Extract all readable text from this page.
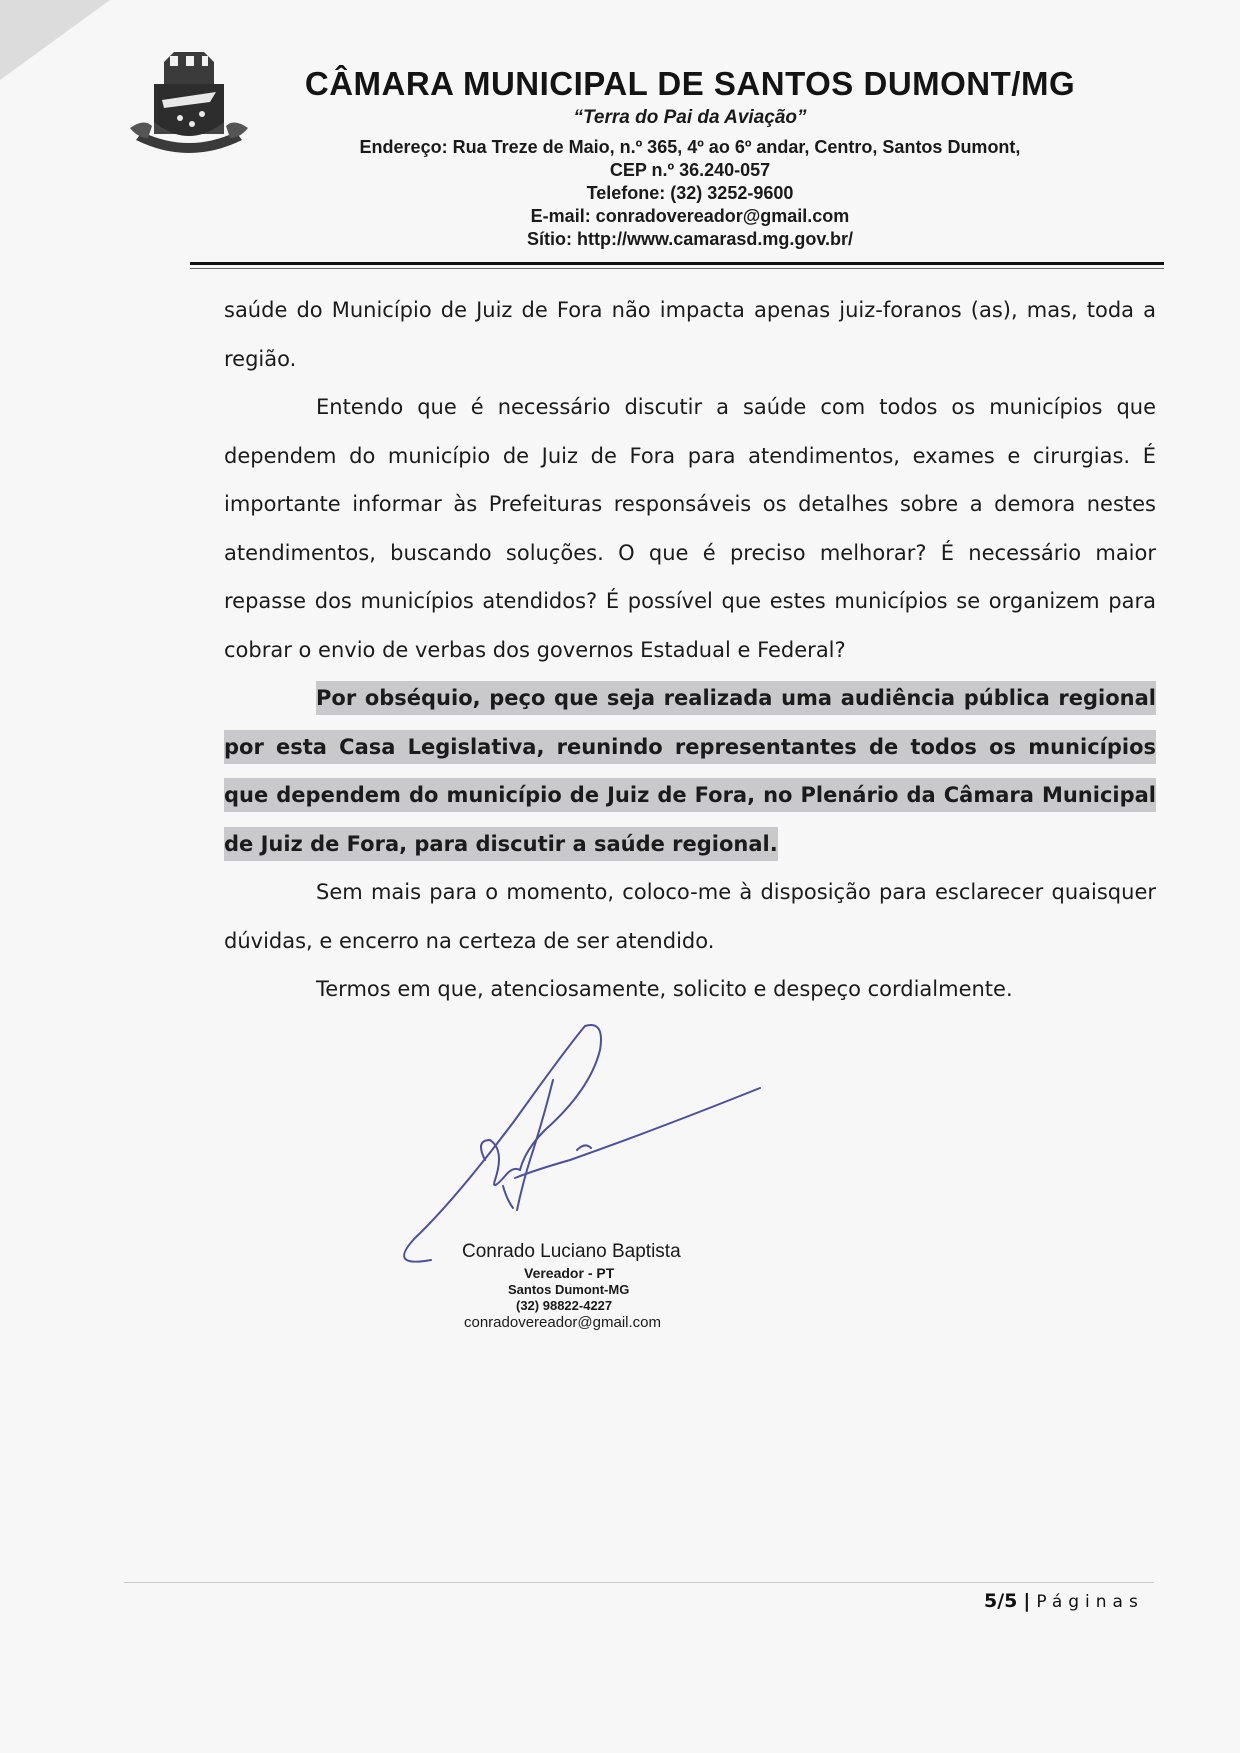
CÂMARA MUNICIPAL DE SANTOS DUMONT/MG
“Terra do Pai da Aviação”
Endereço: Rua Treze de Maio, n.º 365, 4º ao 6º andar, Centro, Santos Dumont,
CEP n.º 36.240-057
Telefone: (32) 3252-9600
E-mail: conradovereador@gmail.com
Sítio: http://www.camarasd.mg.gov.br/

saúde do Município de Juiz de Fora não impacta apenas juiz-foranos (as), mas, toda a região.

Entendo que é necessário discutir a saúde com todos os municípios que dependem do município de Juiz de Fora para atendimentos, exames e cirurgias. É importante informar às Prefeituras responsáveis os detalhes sobre a demora nestes atendimentos, buscando soluções. O que é preciso melhorar? É necessário maior repasse dos municípios atendidos? É possível que estes municípios se organizem para cobrar o envio de verbas dos governos Estadual e Federal?

Por obséquio, peço que seja realizada uma audiência pública regional por esta Casa Legislativa, reunindo representantes de todos os municípios que dependem do município de Juiz de Fora, no Plenário da Câmara Municipal de Juiz de Fora, para discutir a saúde regional.

Sem mais para o momento, coloco-me à disposição para esclarecer quaisquer dúvidas, e encerro na certeza de ser atendido.

Termos em que, atenciosamente, solicito e despeço cordialmente.

Conrado Luciano Baptista
Vereador - PT
Santos Dumont-MG
(32) 98822-4227
conradovereador@gmail.com
5/5 | Páginas
